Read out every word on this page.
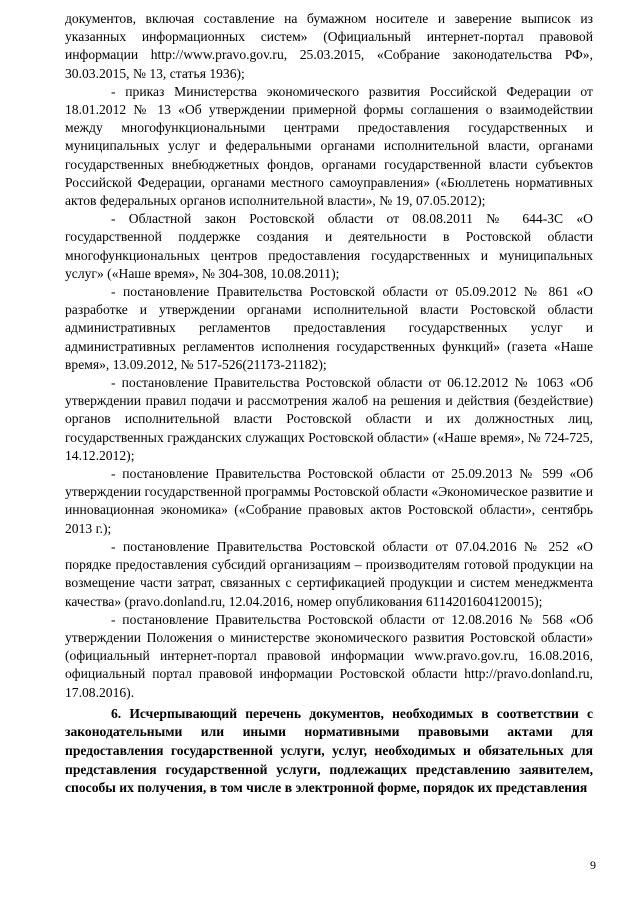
документов, включая составление на бумажном носителе и заверение выписок из указанных информационных систем» (Официальный интернет-портал правовой информации http://www.pravo.gov.ru, 25.03.2015, «Собрание законодательства РФ», 30.03.2015, № 13, статья 1936);

- приказ Министерства экономического развития Российской Федерации от 18.01.2012 № 13 «Об утверждении примерной формы соглашения о взаимодействии между многофункциональными центрами предоставления государственных и муниципальных услуг и федеральными органами исполнительной власти, органами государственных внебюджетных фондов, органами государственной власти субъектов Российской Федерации, органами местного самоуправления» («Бюллетень нормативных актов федеральных органов исполнительной власти», № 19, 07.05.2012);

- Областной закон Ростовской области от 08.08.2011 № 644-ЗС «О государственной поддержке создания и деятельности в Ростовской области многофункциональных центров предоставления государственных и муниципальных услуг» («Наше время», № 304-308, 10.08.2011);

- постановление Правительства Ростовской области от 05.09.2012 № 861 «О разработке и утверждении органами исполнительной власти Ростовской области административных регламентов предоставления государственных услуг и административных регламентов исполнения государственных функций» (газета «Наше время», 13.09.2012, № 517-526(21173-21182);

- постановление Правительства Ростовской области от 06.12.2012 № 1063 «Об утверждении правил подачи и рассмотрения жалоб на решения и действия (бездействие) органов исполнительной власти Ростовской области и их должностных лиц, государственных гражданских служащих Ростовской области» («Наше время», № 724-725, 14.12.2012);

- постановление Правительства Ростовской области от 25.09.2013 № 599 «Об утверждении государственной программы Ростовской области «Экономическое развитие и инновационная экономика» («Собрание правовых актов Ростовской области», сентябрь 2013 г.);

- постановление Правительства Ростовской области от 07.04.2016 № 252 «О порядке предоставления субсидий организациям – производителям готовой продукции на возмещение части затрат, связанных с сертификацией продукции и систем менеджмента качества» (pravo.donland.ru, 12.04.2016, номер опубликования 6114201604120015);

- постановление Правительства Ростовской области от 12.08.2016 № 568 «Об утверждении Положения о министерстве экономического развития Ростовской области» (официальный интернет-портал правовой информации www.pravo.gov.ru, 16.08.2016, официальный портал правовой информации Ростовской области http://pravo.donland.ru, 17.08.2016).

6. Исчерпывающий перечень документов, необходимых в соответствии с законодательными или иными нормативными правовыми актами для предоставления государственной услуги, услуг, необходимых и обязательных для представления государственной услуги, подлежащих представлению заявителем, способы их получения, в том числе в электронной форме, порядок их представления

9
